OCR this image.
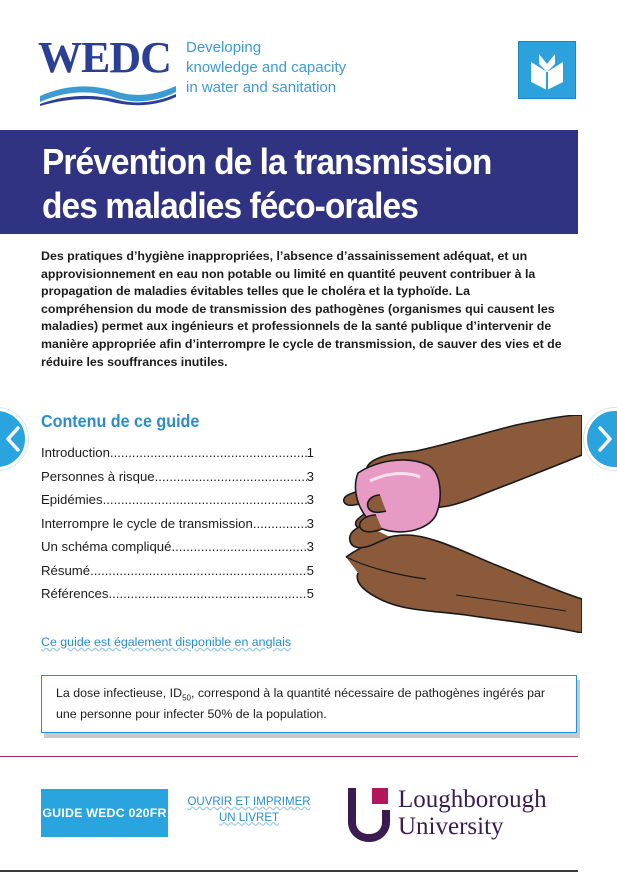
WEDC Developing
knowledge and capacity
in water and sanitation
Prévention de la transmission
des maladies féco-orales
Des pratiques d’hygiène inappropriées, l’absence d’assainissement adéquat, et un approvisionnement en eau non potable ou limité en quantité peuvent contribuer à la propagation de maladies évitables telles que le choléra et la typhoïde. La compréhension du mode de transmission des pathogènes (organismes qui causent les maladies) permet aux ingénieurs et professionnels de la santé publique d’intervenir de manière appropriée afin d’interrompre le cycle de transmission, de sauver des vies et de réduire les souffrances inutiles.
Contenu de ce guide
Introduction .....	1
Personnes à risque .....	3
Epidémies .....	3
Interrompre le cycle de transmission .....	3
Un schéma compliqué .....	3
Résumé .....	5
Références .....	5
Ce guide est également disponible en anglais
La dose infectieuse, $ID_{50}$, correspond à la quantité nécessaire de pathogènes ingérés par une personne pour infecter 50% de la population.
GUIDE WEDC 020FR
OUVRIR ET IMPRIMER
UN LIVRET
Loughborough
University
